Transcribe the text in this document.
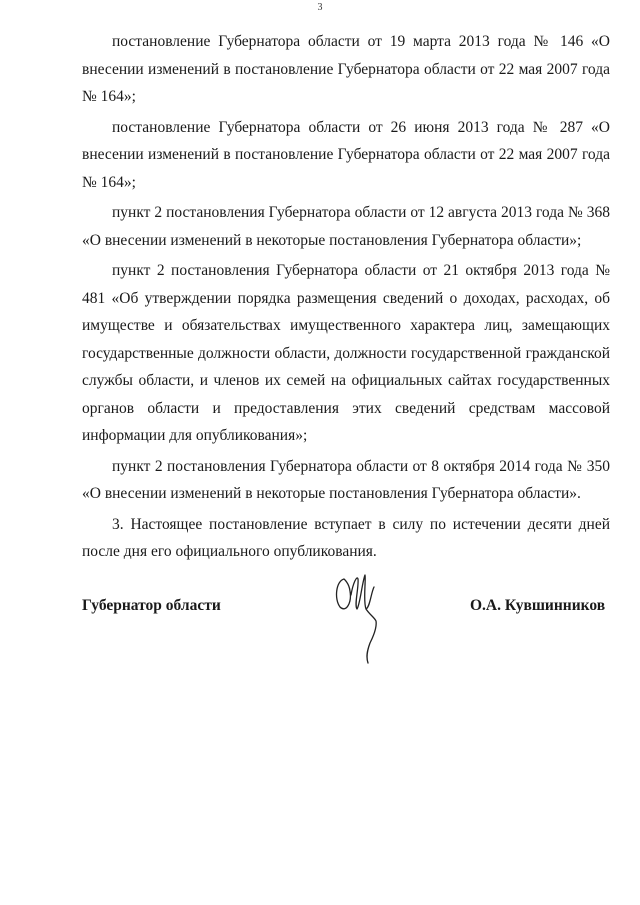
3

постановление Губернатора области от 19 марта 2013 года № 146 «О внесении изменений в постановление Губернатора области от 22 мая 2007 года № 164»;

постановление Губернатора области от 26 июня 2013 года № 287 «О внесении изменений в постановление Губернатора области от 22 мая 2007 года № 164»;

пункт 2 постановления Губернатора области от 12 августа 2013 года № 368 «О внесении изменений в некоторые постановления Губернатора области»;

пункт 2 постановления Губернатора области от 21 октября 2013 года № 481 «Об утверждении порядка размещения сведений о доходах, расходах, об имуществе и обязательствах имущественного характера лиц, замещающих государственные должности области, должности государственной гражданской службы области, и членов их семей на официальных сайтах государственных органов области и предоставления этих сведений средствам массовой информации для опубликования»;

пункт 2 постановления Губернатора области от 8 октября 2014 года № 350 «О внесении изменений в некоторые постановления Губернатора области».

3. Настоящее постановление вступает в силу по истечении десяти дней после дня его официального опубликования.

Губернатор области	О.А. Кувшинников
